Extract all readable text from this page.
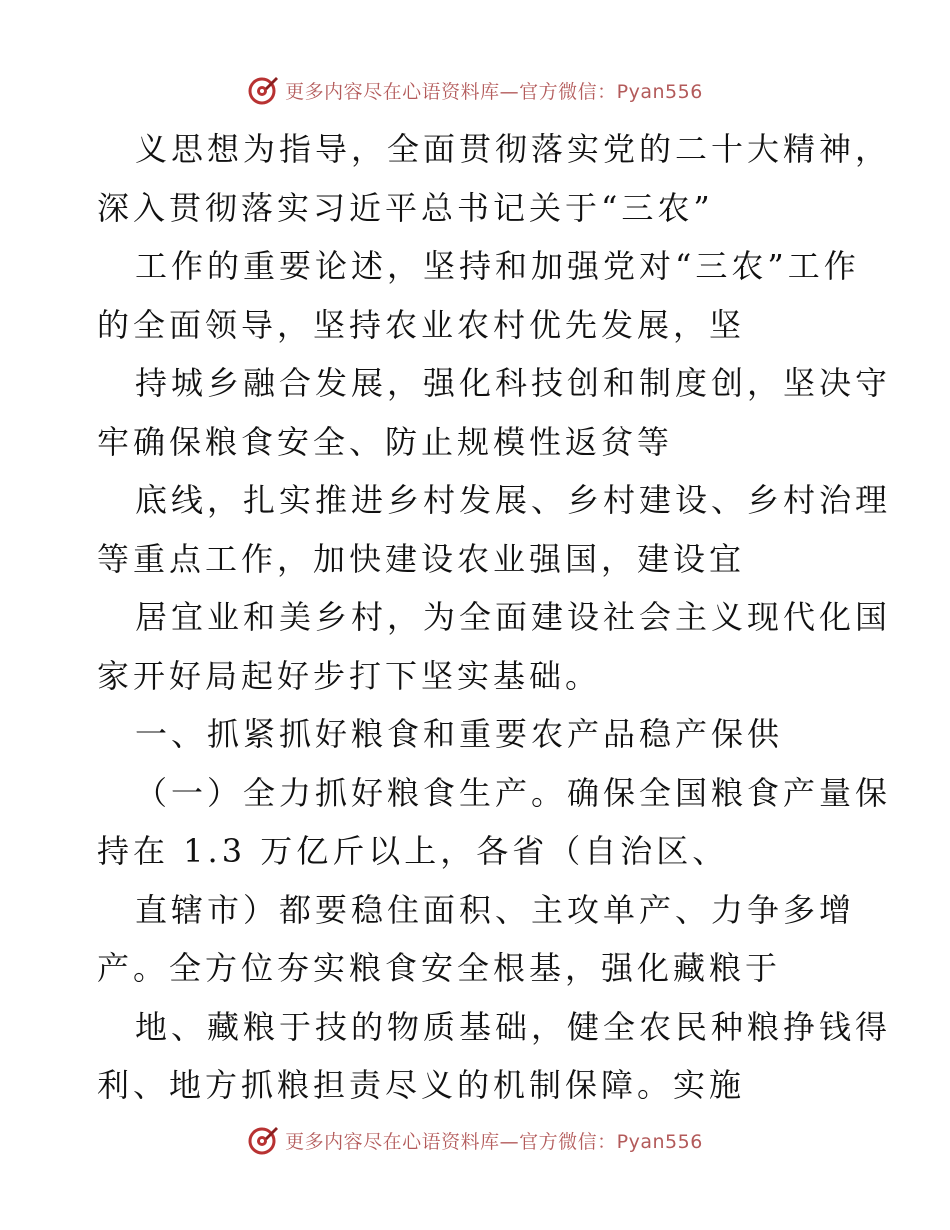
更多内容尽在心语资料库—官方微信：Pyan556
义思想为指导，全面贯彻落实党的二十大精神，
深入贯彻落实习近平总书记关于“三农”
工作的重要论述，坚持和加强党对“三农”工作
的全面领导，坚持农业农村优先发展，坚
持城乡融合发展，强化科技创和制度创，坚决守
牢确保粮食安全、防止规模性返贫等
底线，扎实推进乡村发展、乡村建设、乡村治理
等重点工作，加快建设农业强国，建设宜
居宜业和美乡村，为全面建设社会主义现代化国
家开好局起好步打下坚实基础。
一、抓紧抓好粮食和重要农产品稳产保供
（一）全力抓好粮食生产。确保全国粮食产量保
持在 1.3 万亿斤以上，各省（自治区、
直辖市）都要稳住面积、主攻单产、力争多增
产。全方位夯实粮食安全根基，强化藏粮于
地、藏粮于技的物质基础，健全农民种粮挣钱得
利、地方抓粮担责尽义的机制保障。实施
更多内容尽在心语资料库—官方微信：Pyan556
